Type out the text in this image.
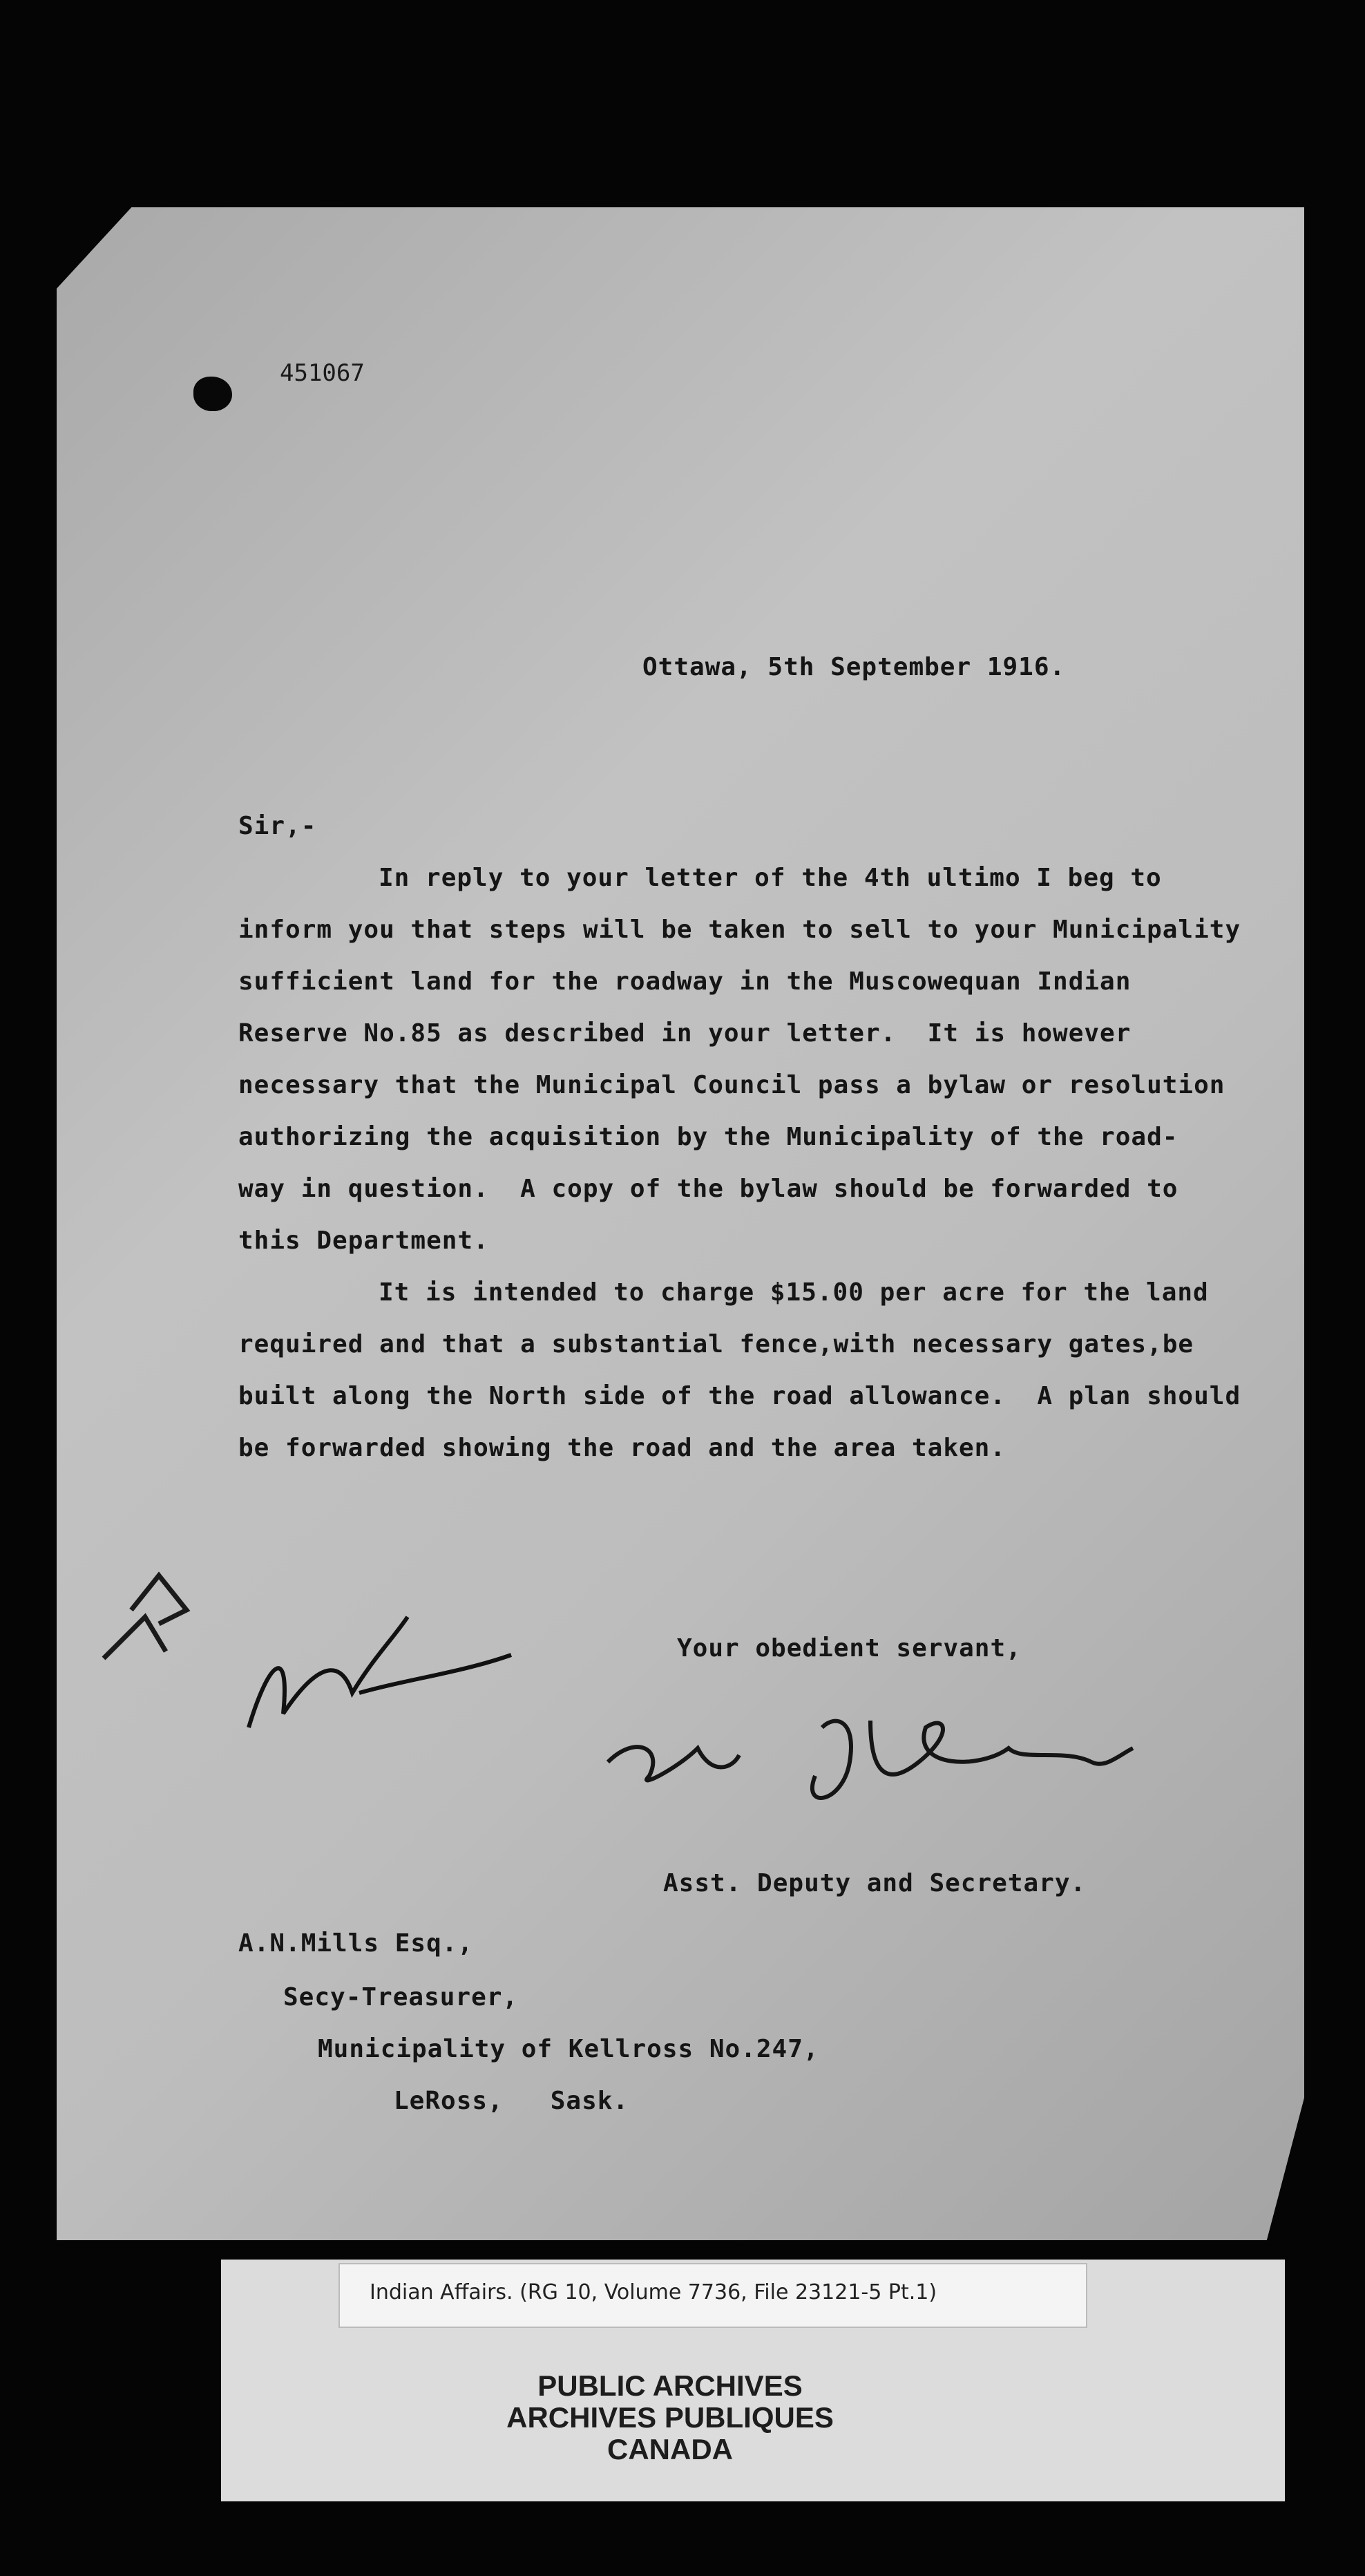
451067
Ottawa, 5th September 1916.
Sir,-
In reply to your letter of the 4th ultimo I beg to
inform you that steps will be taken to sell to your Municipality
sufficient land for the roadway in the Muscowequan Indian
Reserve No.85 as described in your letter.  It is however
necessary that the Municipal Council pass a bylaw or resolution
authorizing the acquisition by the Municipality of the road-
way in question.  A copy of the bylaw should be forwarded to
this Department.
It is intended to charge $15.00 per acre for the land
required and that a substantial fence,with necessary gates,be
built along the North side of the road allowance.  A plan should
be forwarded showing the road and the area taken.
Your obedient servant,
Asst. Deputy and Secretary.
A.N.Mills Esq.,
Secy-Treasurer,
Municipality of Kellross No.247,
LeRoss,   Sask.
Indian Affairs. (RG 10, Volume 7736, File 23121-5 Pt.1)
PUBLIC ARCHIVES
ARCHIVES PUBLIQUES
CANADA
